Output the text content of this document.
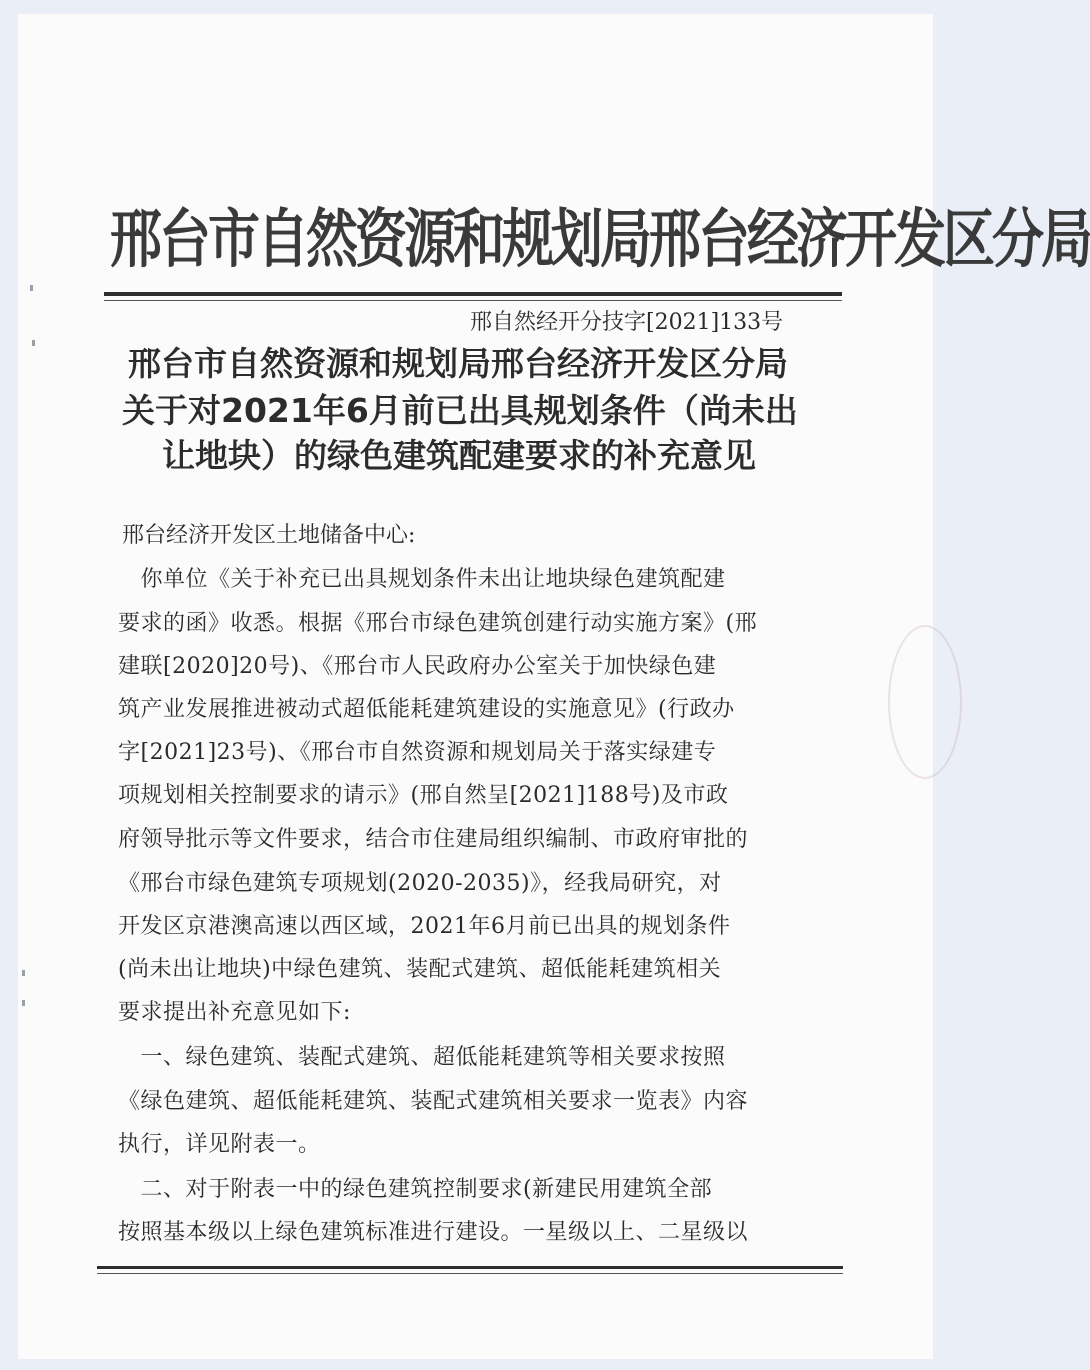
邢台市自然资源和规划局邢台经济开发区分局
邢自然经开分技字[2021]133号
邢台市自然资源和规划局邢台经济开发区分局
关于对2021年6月前已出具规划条件（尚未出
让地块）的绿色建筑配建要求的补充意见
邢台经济开发区土地储备中心:
　你单位《关于补充已出具规划条件未出让地块绿色建筑配建
要求的函》收悉。根据《邢台市绿色建筑创建行动实施方案》(邢
建联[2020]20号)、《邢台市人民政府办公室关于加快绿色建
筑产业发展推进被动式超低能耗建筑建设的实施意见》(行政办
字[2021]23号)、《邢台市自然资源和规划局关于落实绿建专
项规划相关控制要求的请示》(邢自然呈[2021]188号)及市政
府领导批示等文件要求，结合市住建局组织编制、市政府审批的
《邢台市绿色建筑专项规划(2020-2035)》，经我局研究，对
开发区京港澳高速以西区域，2021年6月前已出具的规划条件
(尚未出让地块)中绿色建筑、装配式建筑、超低能耗建筑相关
要求提出补充意见如下:
　一、绿色建筑、装配式建筑、超低能耗建筑等相关要求按照
《绿色建筑、超低能耗建筑、装配式建筑相关要求一览表》内容
执行，详见附表一。
　二、对于附表一中的绿色建筑控制要求(新建民用建筑全部
按照基本级以上绿色建筑标准进行建设。一星级以上、二星级以
